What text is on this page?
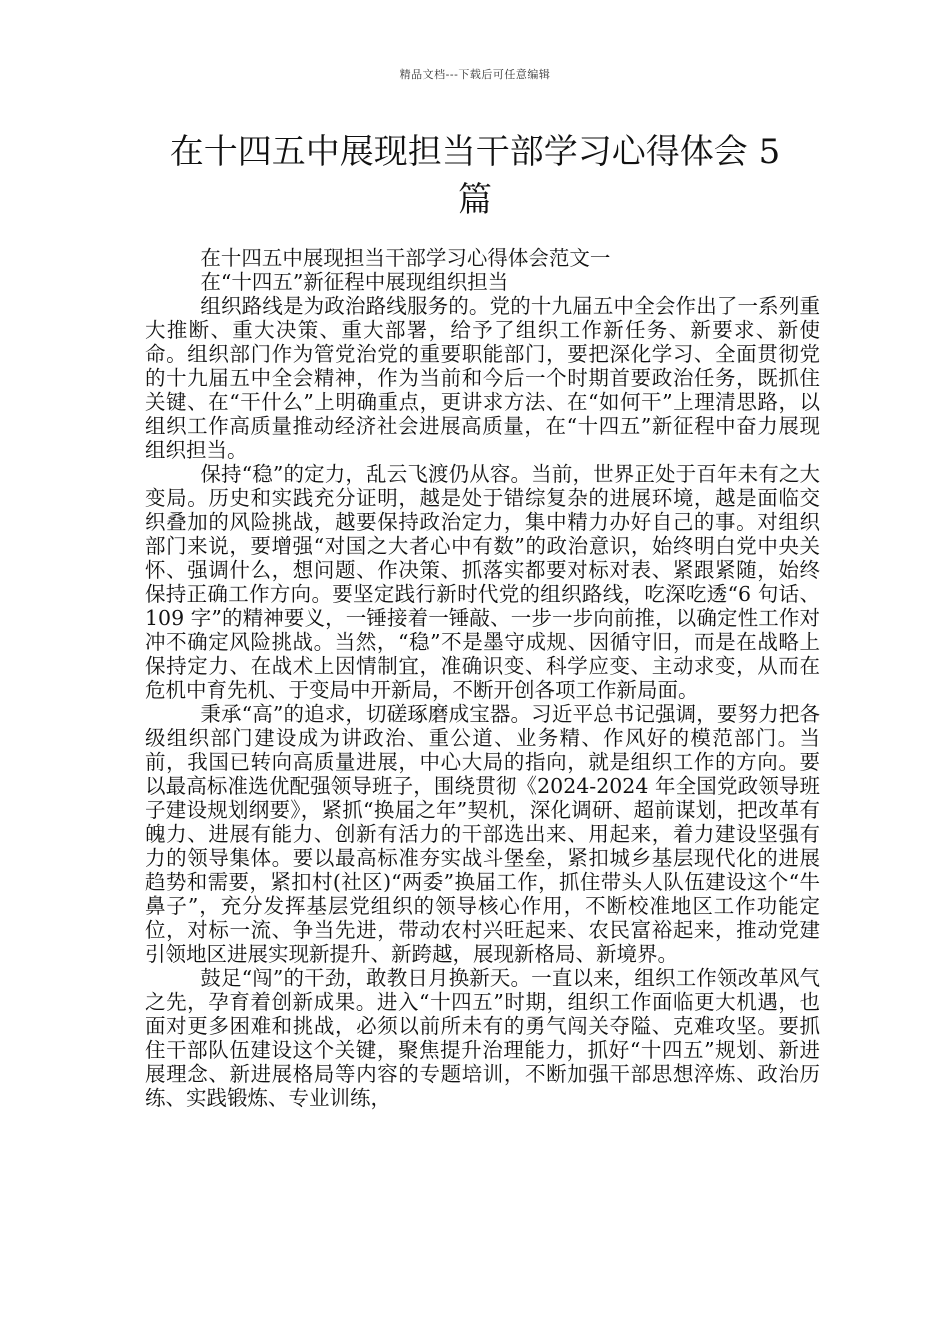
精品文档---下载后可任意编辑
在十四五中展现担当干部学习心得体会 5 篇

在十四五中展现担当干部学习心得体会范文一

在“十四五”新征程中展现组织担当

组织路线是为政治路线服务的。党的十九届五中全会作出了一系列重大推断、重大决策、重大部署，给予了组织工作新任务、新要求、新使命。组织部门作为管党治党的重要职能部门，要把深化学习、全面贯彻党的十九届五中全会精神，作为当前和今后一个时期首要政治任务，既抓住关键、在“干什么”上明确重点，更讲求方法、在“如何干”上理清思路，以组织工作高质量推动经济社会进展高质量，在“十四五”新征程中奋力展现组织担当。

保持“稳”的定力，乱云飞渡仍从容。当前，世界正处于百年未有之大变局。历史和实践充分证明，越是处于错综复杂的进展环境，越是面临交织叠加的风险挑战，越要保持政治定力，集中精力办好自己的事。对组织部门来说，要增强“对国之大者心中有数”的政治意识，始终明白党中央关怀、强调什么，想问题、作决策、抓落实都要对标对表、紧跟紧随，始终保持正确工作方向。要坚定践行新时代党的组织路线，吃深吃透“6 句话、109 字”的精神要义，一锤接着一锤敲、一步一步向前推，以确定性工作对冲不确定风险挑战。当然，“稳”不是墨守成规、因循守旧，而是在战略上保持定力、在战术上因情制宜，准确识变、科学应变、主动求变，从而在危机中育先机、于变局中开新局，不断开创各项工作新局面。

秉承“高”的追求，切磋琢磨成宝器。习近平总书记强调，要努力把各级组织部门建设成为讲政治、重公道、业务精、作风好的模范部门。当前，我国已转向高质量进展，中心大局的指向，就是组织工作的方向。要以最高标准选优配强领导班子，围绕贯彻《2024-2024 年全国党政领导班子建设规划纲要》，紧抓“换届之年”契机，深化调研、超前谋划，把改革有魄力、进展有能力、创新有活力的干部选出来、用起来，着力建设坚强有力的领导集体。要以最高标准夯实战斗堡垒，紧扣城乡基层现代化的进展趋势和需要，紧扣村(社区)“两委”换届工作，抓住带头人队伍建设这个“牛鼻子”，充分发挥基层党组织的领导核心作用，不断校准地区工作功能定位，对标一流、争当先进，带动农村兴旺起来、农民富裕起来，推动党建引领地区进展实现新提升、新跨越，展现新格局、新境界。

鼓足“闯”的干劲，敢教日月换新天。一直以来，组织工作领改革风气之先，孕育着创新成果。进入“十四五”时期，组织工作面临更大机遇，也面对更多困难和挑战，必须以前所未有的勇气闯关夺隘、克难攻坚。要抓住干部队伍建设这个关键，聚焦提升治理能力，抓好“十四五”规划、新进展理念、新进展格局等内容的专题培训，不断加强干部思想淬炼、政治历练、实践锻炼、专业训练，
